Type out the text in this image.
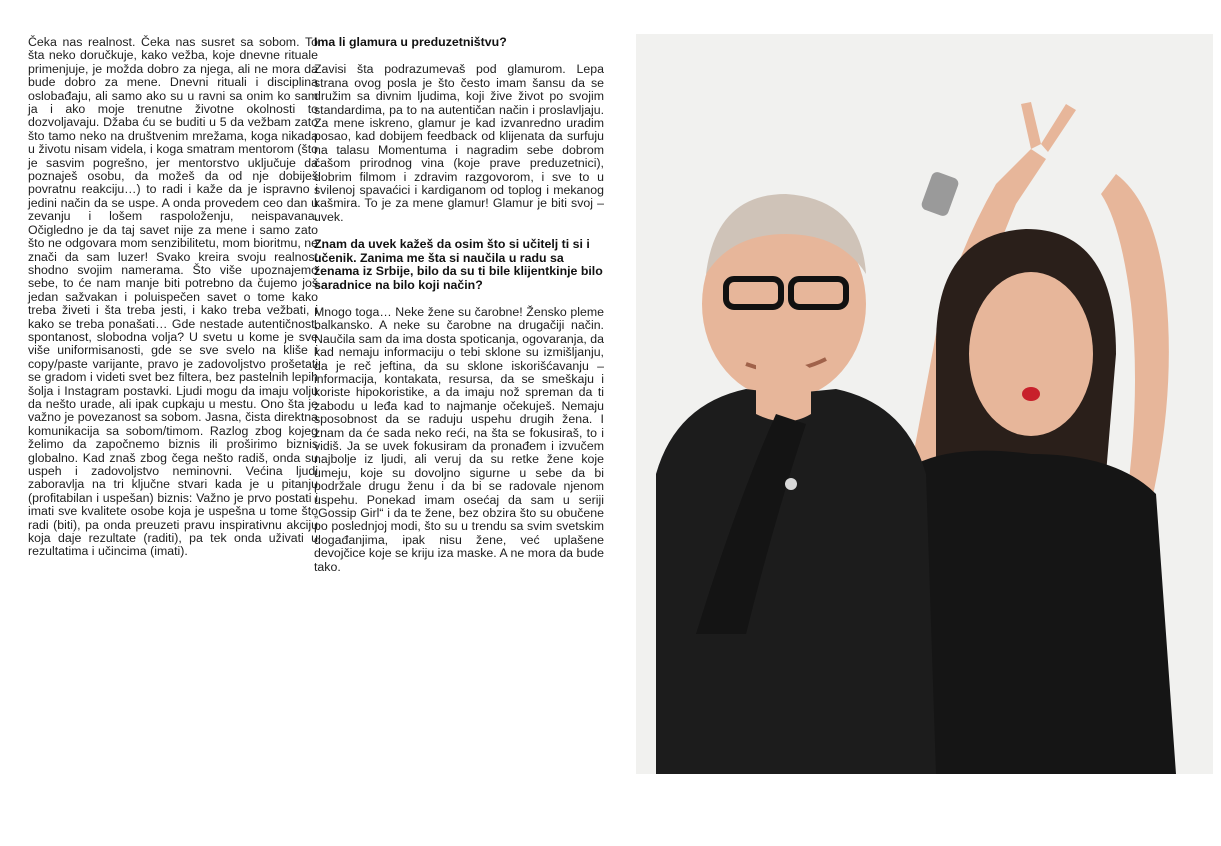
Čeka nas realnost. Čeka nas susret sa sobom. To šta neko doručkuje, kako vežba, koje dnevne rituale primenjuje, je možda dobro za njega, ali ne mora da bude dobro za mene. Dnevni rituali i disciplina oslobađaju, ali samo ako su u ravni sa onim ko sam ja i ako moje trenutne životne okolnosti to dozvoljavaju. Džaba ću se buditi u 5 da vežbam zato što tamo neko na društvenim mrežama, koga nikada u životu nisam videla, i koga smatram mentorom (što je sasvim pogrešno, jer mentorstvo uključuje da poznaješ osobu, da možeš da od nje dobiješ povratnu reakciju…) to radi i kaže da je ispravno i jedini način da se uspe. A onda provedem ceo dan u zevanju i lošem raspoloženju, neispavana. Očigledno je da taj savet nije za mene i samo zato što ne odgovara mom senzibilitetu, mom bioritmu, ne znači da sam luzer! Svako kreira svoju realnost shodno svojim namerama. Što više upoznajemo sebe, to će nam manje biti potrebno da čujemo još jedan sažvakan i poluispečen savet o tome kako treba živeti i šta treba jesti, i kako treba vežbati, i kako se treba ponašati… Gde nestade autentičnost, spontanost, slobodna volja? U svetu u kome je sve više uniformisanosti, gde se sve svelo na kliše i copy/paste varijante, pravo je zadovoljstvo prošetati se gradom i videti svet bez filtera, bez pastelnih lepih šolja i Instagram postavki. Ljudi mogu da imaju volju da nešto urade, ali ipak cupkaju u mestu. Ono šta je važno je povezanost sa sobom. Jasna, čista direktna komunikacija sa sobom/timom. Razlog zbog kojeg želimo da započnemo biznis ili proširimo biznis globalno. Kad znaš zbog čega nešto radiš, onda su uspeh i zadovoljstvo neminovni. Većina ljudi zaboravlja na tri ključne stvari kada je u pitanju (profitabilan i uspešan) biznis: Važno je prvo postati i imati sve kvalitete osobe koja je uspešna u tome što radi (biti), pa onda preuzeti pravu inspirativnu akciju koja daje rezultate (raditi), pa tek onda uživati u rezultatima i učincima (imati).

Ima li glamura u preduzetništvu?

Zavisi šta podrazumevaš pod glamurom. Lepa strana ovog posla je što često imam šansu da se družim sa divnim ljudima, koji žive život po svojim standardima, pa to na autentičan način i proslavljaju. Za mene iskreno, glamur je kad izvanredno uradim posao, kad dobijem feedback od klijenata da surfuju na talasu Momentuma i nagradim sebe dobrom čašom prirodnog vina (koje prave preduzetnici), dobrim filmom i zdravim razgovorom, i sve to u svilenoj spavaćici i kardiganom od toplog i mekanog kašmira. To je za mene glamur! Glamur je biti svoj – uvek.

Znam da uvek kažeš da osim što si učitelj ti si i učenik. Zanima me šta si naučila u radu sa ženama iz Srbije, bilo da su ti bile klijentkinje bilo saradnice na bilo koji način?

Mnogo toga… Neke žene su čarobne! Žensko pleme balkansko. A neke su čarobne na drugačiji način. Naučila sam da ima dosta spoticanja, ogovaranja, da kad nemaju informaciju o tebi sklone su izmišljanju, da je reč jeftina, da su sklone iskorišćavanju – informacija, kontakata, resursa, da se smeškaju i koriste hipokoristike, a da imaju nož spreman da ti zabodu u leđa kad to najmanje očekuješ. Nemaju sposobnost da se raduju uspehu drugih žena. I znam da će sada neko reći, na šta se fokusiraš, to i vidiš. Ja se uvek fokusiram da pronađem i izvučem najbolje iz ljudi, ali veruj da su retke žene koje umeju, koje su dovoljno sigurne u sebe da bi podržale drugu ženu i da bi se radovale njenom uspehu. Ponekad imam osećaj da sam u seriji „Gossip Girl“ i da te žene, bez obzira što su obučene po poslednjoj modi, što su u trendu sa svim svetskim događanjima, ipak nisu žene, već uplašene devojčice koje se kriju iza maske. A ne mora da bude tako.
